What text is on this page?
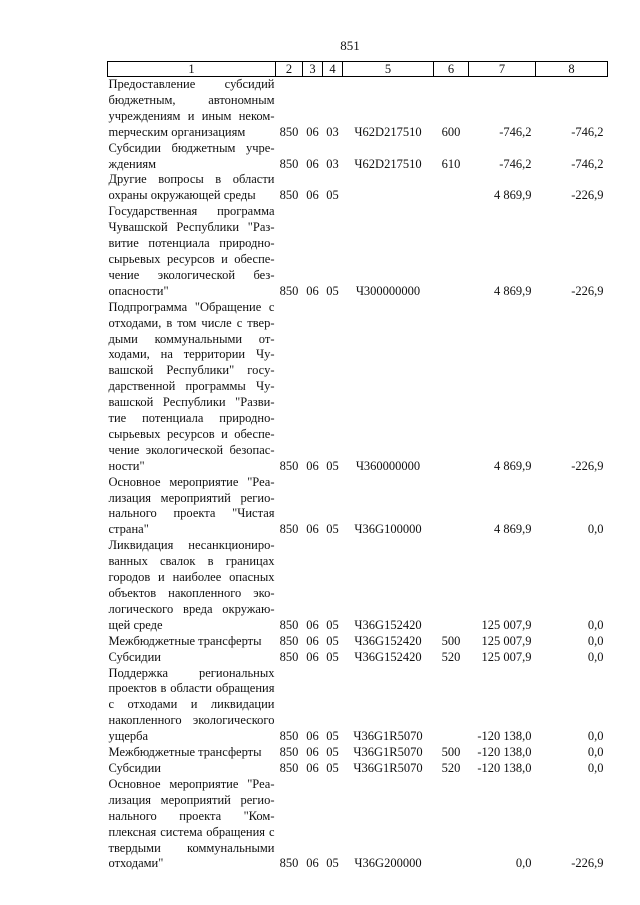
851
1	2	3	4	5	6	7	8
Предоставление субсидий бюджетным, автономным учреждениям и иным некомmерческим организациям	850	06	03	Ч62D217510	600	-746,2	-746,2
Субсидии бюджетным учреждениям	850	06	03	Ч62D217510	610	-746,2	-746,2
Другие вопросы в области охраны окружающей среды	850	06	05			4 869,9	-226,9
Государственная программа Чувашской Республики "Развитие потенциала природно-сырьевых ресурсов и обеспечение экологической безопасности"	850	06	05	Ч300000000		4 869,9	-226,9
Подпрограмма "Обращение с отходами, в том числе с твердыми коммунальными отходами, на территории Чувашской Республики" государственной программы Чувашской Республики "Развитие потенциала природно-сырьевых ресурсов и обеспечение экологической безопасности"	850	06	05	Ч360000000		4 869,9	-226,9
Основное мероприятие "Реализация мероприятий регионального проекта "Чистая страна"	850	06	05	Ч36G100000		4 869,9	0,0
Ликвидация несанкционированных свалок в границах городов и наиболее опасных объектов накопленного экологического вреда окружающей среде	850	06	05	Ч36G152420		125 007,9	0,0
Межбюджетные трансферты	850	06	05	Ч36G152420	500	125 007,9	0,0
Субсидии	850	06	05	Ч36G152420	520	125 007,9	0,0
Поддержка региональных проектов в области обращения с отходами и ликвидации накопленного экологического ущерба	850	06	05	Ч36G1R5070		-120 138,0	0,0
Межбюджетные трансферты	850	06	05	Ч36G1R5070	500	-120 138,0	0,0
Субсидии	850	06	05	Ч36G1R5070	520	-120 138,0	0,0
Основное мероприятие "Реализация мероприятий регионального проекта "Комплексная система обращения с твердыми коммунальными отходами"	850	06	05	Ч36G200000		0,0	-226,9
